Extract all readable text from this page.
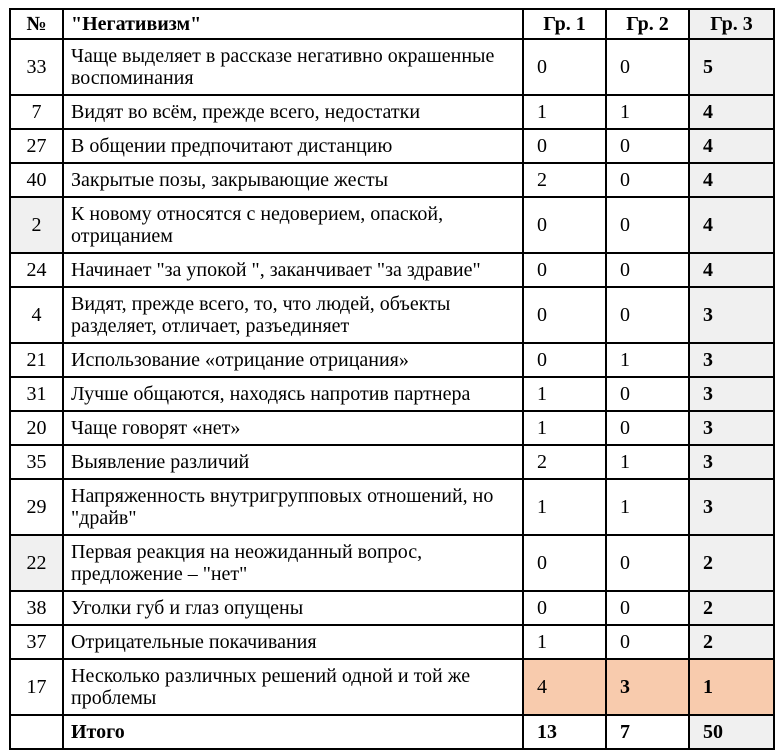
№	"Негативизм"	Гр. 1	Гр. 2	Гр. 3
33	Чаще выделяет в рассказе негативно окрашенные воспоминания	0	0	5
7	Видят во всём, прежде всего, недостатки	1	1	4
27	В общении предпочитают дистанцию	0	0	4
40	Закрытые позы, закрывающие жесты	2	0	4
2	К новому относятся с недоверием, опаской, отрицанием	0	0	4
24	Начинает "за упокой ", заканчивает "за здравие"	0	0	4
4	Видят, прежде всего, то, что людей, объекты разделяет, отличает, разъединяет	0	0	3
21	Использование «отрицание отрицания»	0	1	3
31	Лучше общаются, находясь напротив партнера	1	0	3
20	Чаще говорят «нет»	1	0	3
35	Выявление различий	2	1	3
29	Напряженность внутригрупповых отношений, но "драйв"	1	1	3
22	Первая реакция на неожиданный вопрос, предложение – "нет"	0	0	2
38	Уголки губ и глаз опущены	0	0	2
37	Отрицательные покачивания	1	0	2
17	Несколько различных решений одной и той же проблемы	4	3	1
	Итого	13	7	50
